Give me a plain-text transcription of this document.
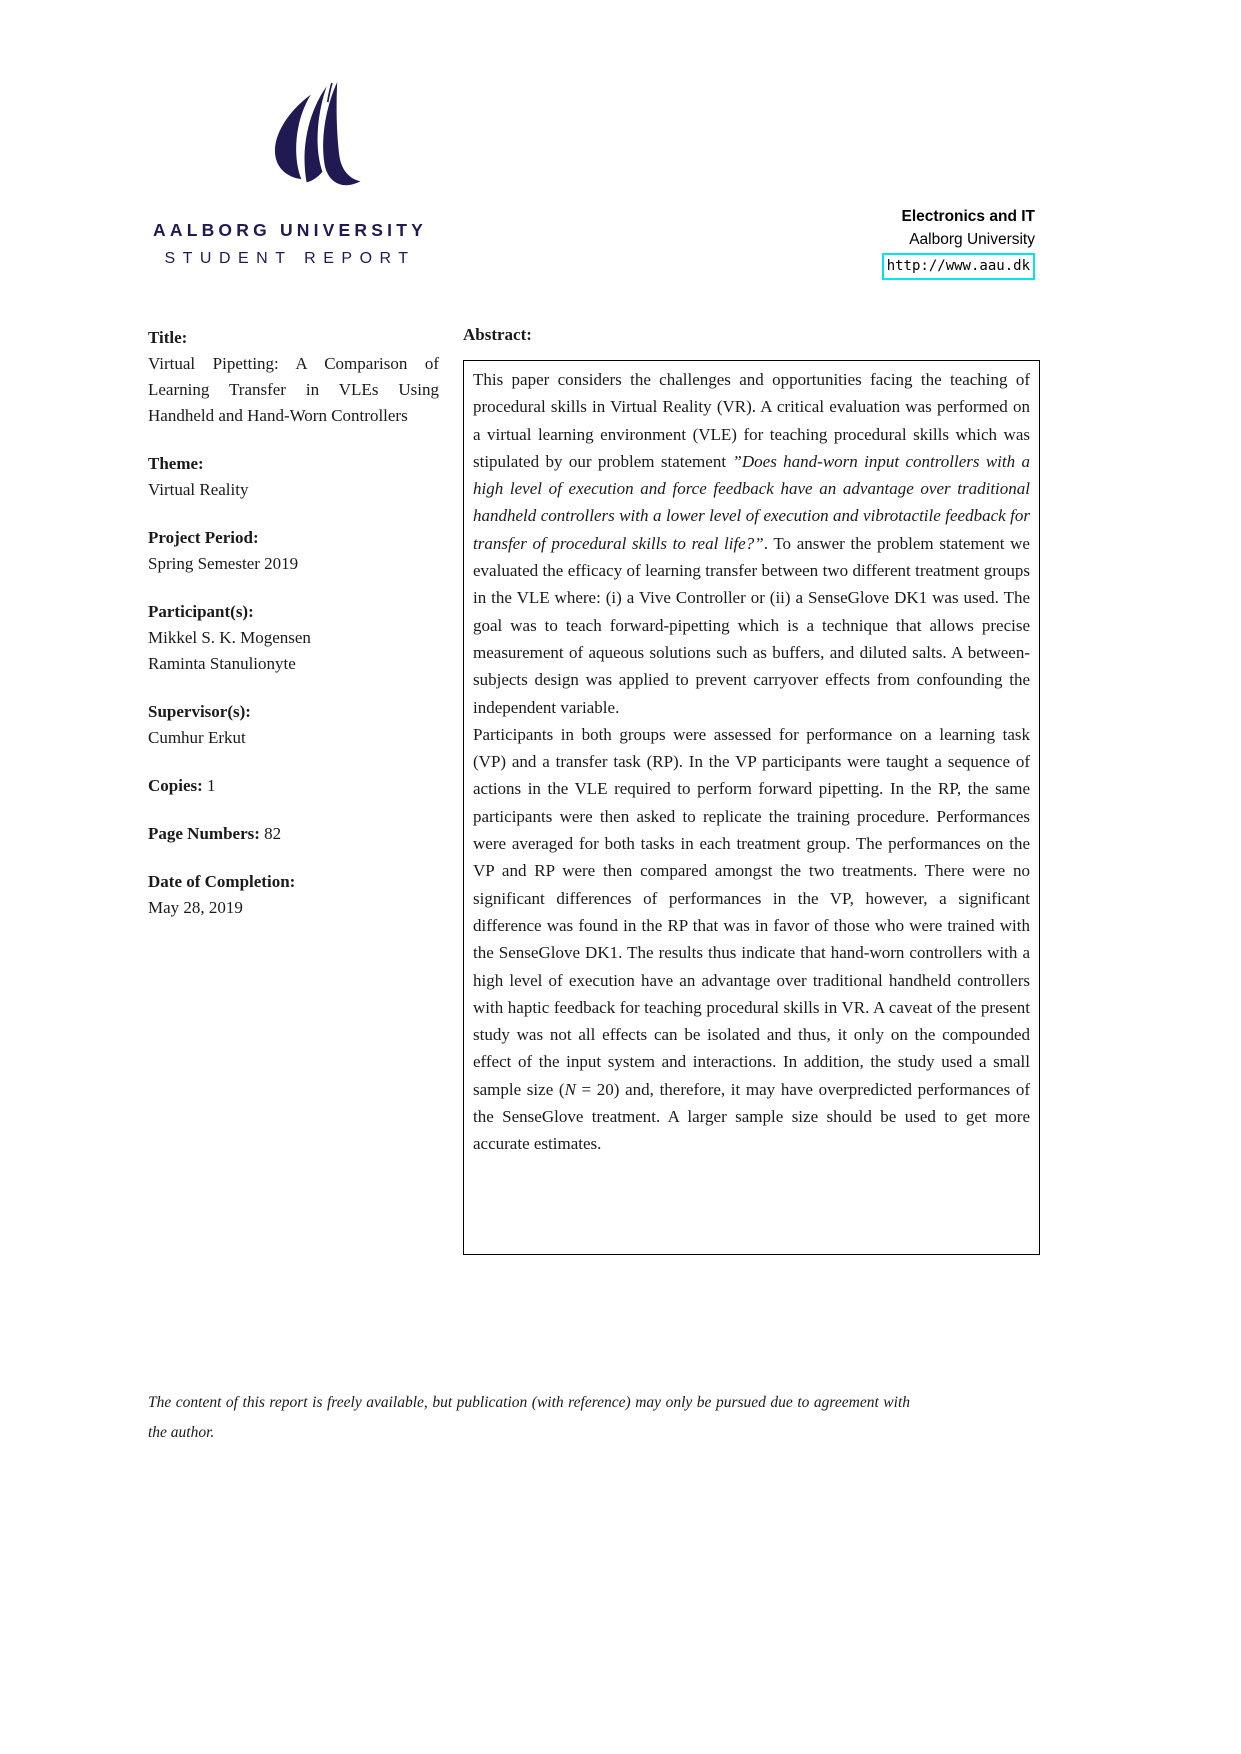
AALBORG UNIVERSITY
STUDENT REPORT
Electronics and IT
Aalborg University
http://www.aau.dk
Title:
Virtual Pipetting: A Comparison of Learning Transfer in VLEs Using Handheld and Hand-Worn Controllers
Theme:
Virtual Reality
Project Period:
Spring Semester 2019
Participant(s):
Mikkel S. K. Mogensen
Raminta Stanulionyte
Supervisor(s):
Cumhur Erkut
Copies: 1
Page Numbers: 82
Date of Completion:
May 28, 2019
Abstract:

This paper considers the challenges and opportunities facing the teaching of procedural skills in Virtual Reality (VR). A critical evaluation was performed on a virtual learning environment (VLE) for teaching procedural skills which was stipulated by our problem statement ”Does hand-worn input controllers with a high level of execution and force feedback have an advantage over traditional handheld controllers with a lower level of execution and vibrotactile feedback for transfer of procedural skills to real life?”. To answer the problem statement we evaluated the efficacy of learning transfer between two different treatment groups in the VLE where: (i) a Vive Controller or (ii) a SenseGlove DK1 was used. The goal was to teach forward-pipetting which is a technique that allows precise measurement of aqueous solutions such as buffers, and diluted salts. A between-subjects design was applied to prevent carryover effects from confounding the independent variable.

Participants in both groups were assessed for performance on a learning task (VP) and a transfer task (RP). In the VP participants were taught a sequence of actions in the VLE required to perform forward pipetting. In the RP, the same participants were then asked to replicate the training procedure. Performances were averaged for both tasks in each treatment group. The performances on the VP and RP were then compared amongst the two treatments. There were no significant differences of performances in the VP, however, a significant difference was found in the RP that was in favor of those who were trained with the SenseGlove DK1. The results thus indicate that hand-worn controllers with a high level of execution have an advantage over traditional handheld controllers with haptic feedback for teaching procedural skills in VR. A caveat of the present study was not all effects can be isolated and thus, it only on the compounded effect of the input system and interactions. In addition, the study used a small sample size (N = 20) and, therefore, it may have overpredicted performances of the SenseGlove treatment. A larger sample size should be used to get more accurate estimates.

The content of this report is freely available, but publication (with reference) may only be pursued due to agreement with the author.
